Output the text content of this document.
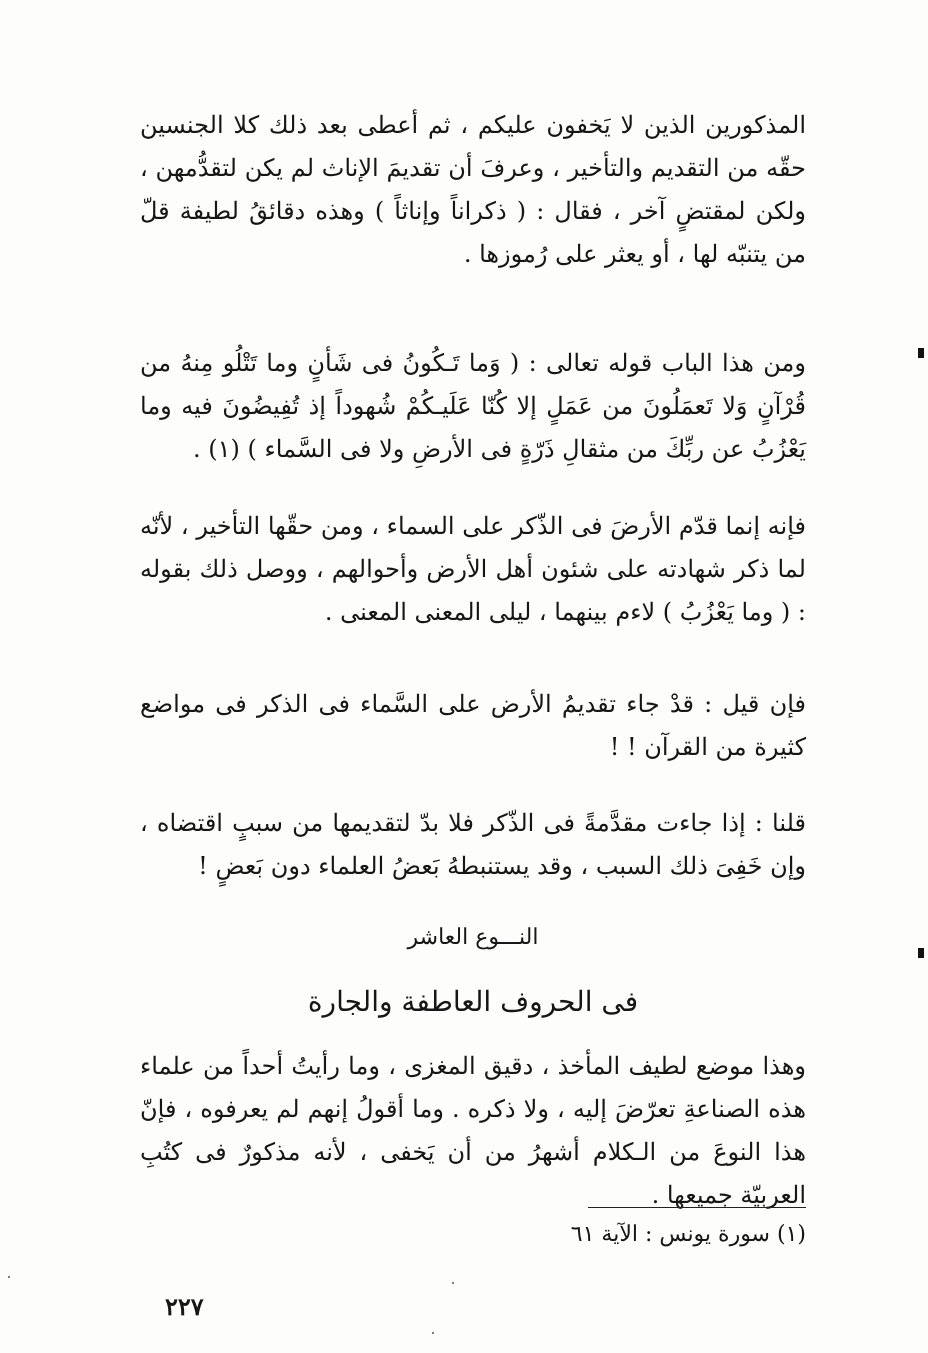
المذكورين الذين لا يَخفون عليكم ، ثم أعطى بعد ذلك كلا الجنسين حقّه من التقديم والتأخير ، وعرفَ أن تقديمَ الإناث لم يكن لتقدُّمهن ، ولكن لمقتضٍ آخر ، فقال : ( ذكراناً وإناثاً ) وهذه دقائقُ لطيفة قلّ من يتنبّه لها ، أو يعثر على رُموزها .

ومن هذا الباب قوله تعالى : ( وَما تَـكُونُ فى شَأنٍ وما تَتْلُو مِنهُ من قُرْآنٍ وَلا تَعمَلُونَ من عَمَلٍ إلا كُنّا عَلَيـكُمْ شُهوداً إذ تُفِيضُونَ فيه وما يَعْزُبُ عن ربِّكَ من مثقالِ ذَرّةٍ فى الأرضِ ولا فى السَّماء ) (١) .

فإنه إنما قدّم الأرضَ فى الذّكر على السماء ، ومن حقّها التأخير ، لأنّه لما ذكر شهادته على شئون أهل الأرض وأحوالهم ، ووصل ذلك بقوله : ( وما يَعْزُبُ ) لاءم بينهما ، ليلى المعنى المعنى .

فإن قيل : قدْ جاء تقديمُ الأرض على السَّماء فى الذكر فى مواضع كثيرة من القرآن ! !

قلنا : إذا جاءت مقدَّمةً فى الذّكر فلا بدّ لتقديمها من سببٍ اقتضاه ، وإن خَفِىَ ذلك السبب ، وقد يستنبطهُ بَعضُ العلماء دون بَعضٍ !

النـــوع العاشر
فى الحروف العاطفة والجارة

وهذا موضع لطيف المأخذ ، دقيق المغزى ، وما رأيتُ أحداً من علماء هذه الصناعةِ تعرّضَ إليه ، ولا ذكره . وما أقولُ إنهم لم يعرفوه ، فإنّ هذا النوعَ من الـكلام أشهرُ من أن يَخفى ، لأنه مذكورٌ فى كتُبِ العربيّة جميعها .

(١) سورة يونس : الآية ٦١
٢٢٧
